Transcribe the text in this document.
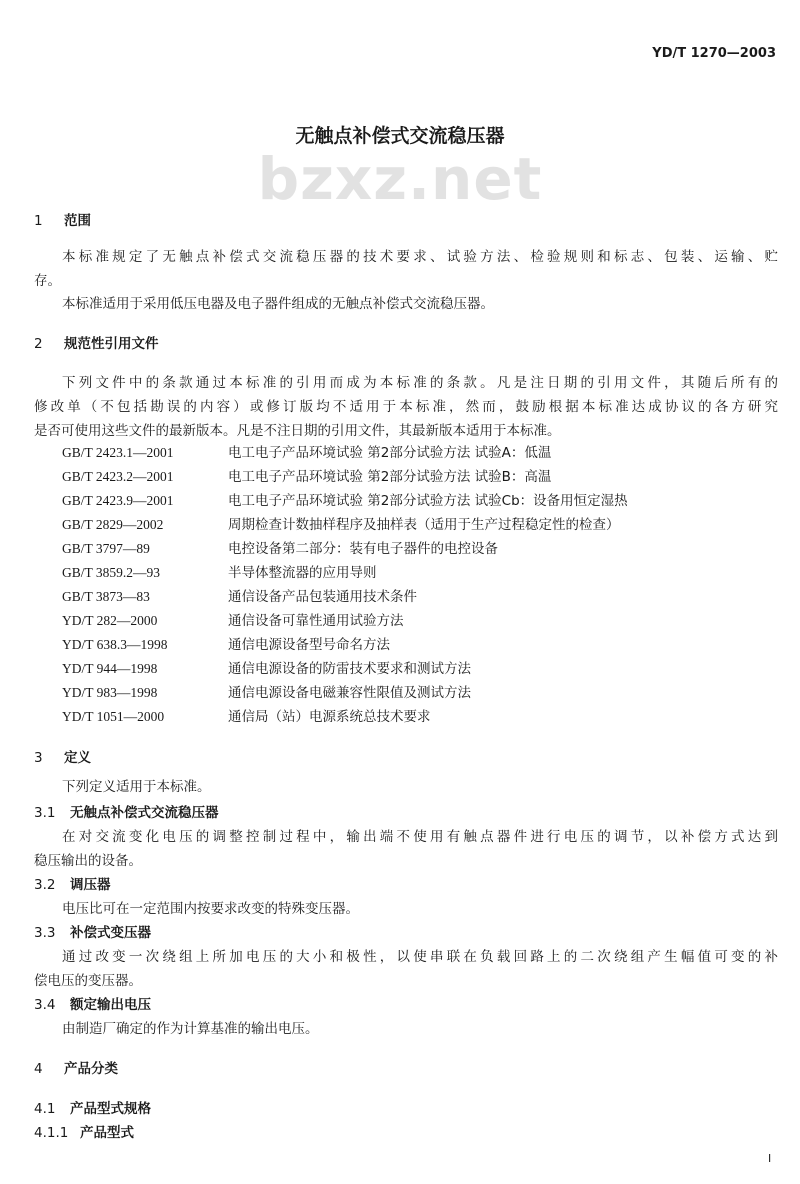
YD/T 1270—2003
无触点补偿式交流稳压器
bzxz.net
1 范围
本标准规定了无触点补偿式交流稳压器的技术要求、试验方法、检验规则和标志、包装、运输、贮
存。
本标准适用于采用低压电器及电子器件组成的无触点补偿式交流稳压器。
2 规范性引用文件
下列文件中的条款通过本标准的引用而成为本标准的条款。凡是注日期的引用文件，其随后所有的
修改单（不包括勘误的内容）或修订版均不适用于本标准，然而，鼓励根据本标准达成协议的各方研究
是否可使用这些文件的最新版本。凡是不注日期的引用文件，其最新版本适用于本标准。
GB/T 2423.1—2001	电工电子产品环境试验 第2部分试验方法 试验A：低温
GB/T 2423.2—2001	电工电子产品环境试验 第2部分试验方法 试验B：高温
GB/T 2423.9—2001	电工电子产品环境试验 第2部分试验方法 试验Cb：设备用恒定湿热
GB/T 2829—2002	周期检查计数抽样程序及抽样表（适用于生产过程稳定性的检查）
GB/T 3797—89	电控设备第二部分：装有电子器件的电控设备
GB/T 3859.2—93	半导体整流器的应用导则
GB/T 3873—83	通信设备产品包装通用技术条件
YD/T 282—2000	通信设备可靠性通用试验方法
YD/T 638.3—1998	通信电源设备型号命名方法
YD/T 944—1998	通信电源设备的防雷技术要求和测试方法
YD/T 983—1998	通信电源设备电磁兼容性限值及测试方法
YD/T 1051—2000	通信局（站）电源系统总技术要求
3 定义
下列定义适用于本标准。
3.1 无触点补偿式交流稳压器
在对交流变化电压的调整控制过程中，输出端不使用有触点器件进行电压的调节，以补偿方式达到
稳压输出的设备。
3.2 调压器
电压比可在一定范围内按要求改变的特殊变压器。
3.3 补偿式变压器
通过改变一次绕组上所加电压的大小和极性，以使串联在负载回路上的二次绕组产生幅值可变的补
偿电压的变压器。
3.4 额定输出电压
由制造厂确定的作为计算基准的输出电压。
4 产品分类
4.1 产品型式规格
4.1.1 产品型式
I
